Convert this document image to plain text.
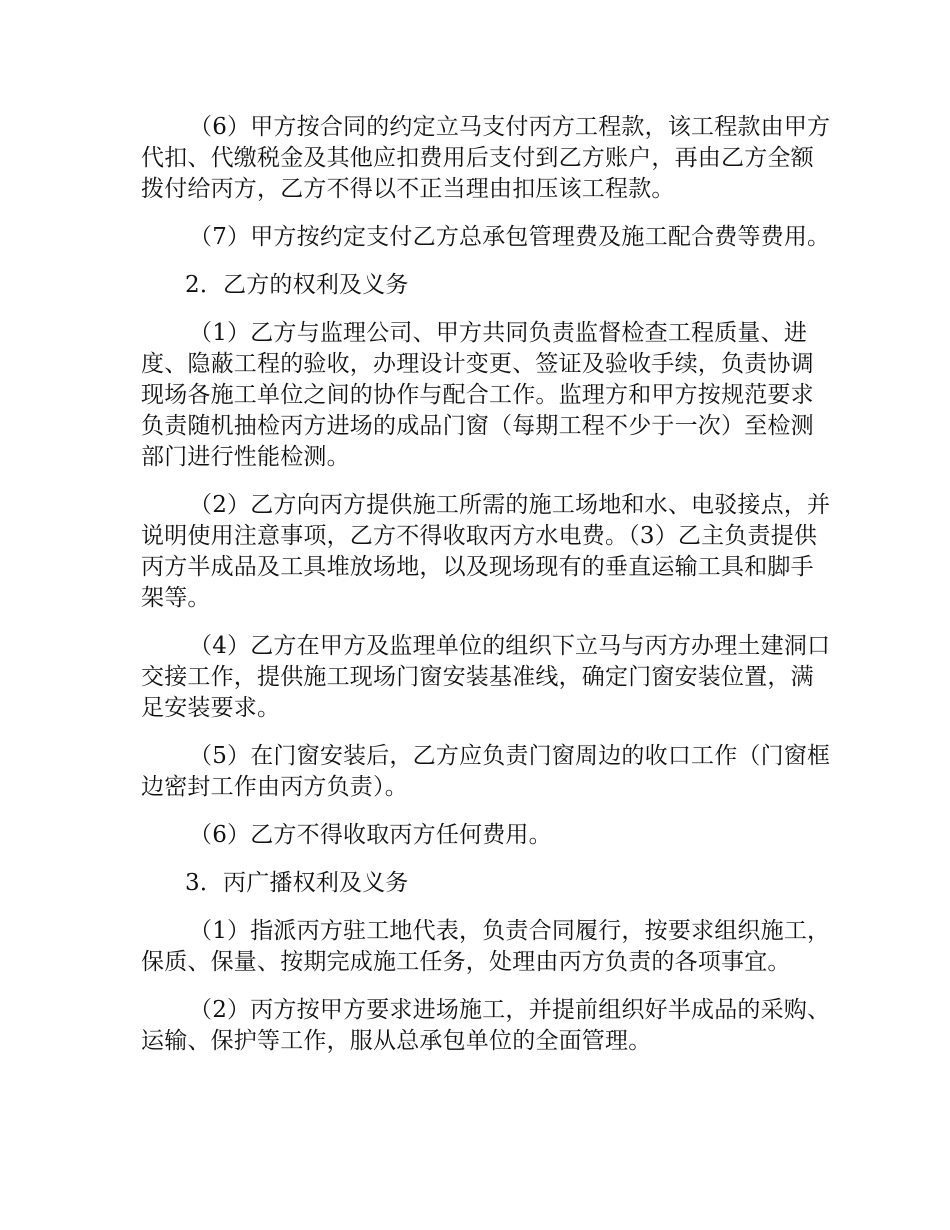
（6）甲方按合同的约定立马支付丙方工程款，该工程款由甲方代扣、代缴税金及其他应扣费用后支付到乙方账户，再由乙方全额拨付给丙方，乙方不得以不正当理由扣压该工程款。

（7）甲方按约定支付乙方总承包管理费及施工配合费等费用。

2．乙方的权利及义务

（1）乙方与监理公司、甲方共同负责监督检查工程质量、进度、隐蔽工程的验收，办理设计变更、签证及验收手续，负责协调现场各施工单位之间的协作与配合工作。监理方和甲方按规范要求负责随机抽检丙方进场的成品门窗（每期工程不少于一次）至检测部门进行性能检测。

（2）乙方向丙方提供施工所需的施工场地和水、电驳接点，并说明使用注意事项，乙方不得收取丙方水电费。（3）乙主负责提供丙方半成品及工具堆放场地，以及现场现有的垂直运输工具和脚手架等。

（4）乙方在甲方及监理单位的组织下立马与丙方办理土建洞口交接工作，提供施工现场门窗安装基准线，确定门窗安装位置，满足安装要求。

（5）在门窗安装后，乙方应负责门窗周边的收口工作（门窗框边密封工作由丙方负责）。

（6）乙方不得收取丙方任何费用。

3．丙广播权利及义务

（1）指派丙方驻工地代表，负责合同履行，按要求组织施工，保质、保量、按期完成施工任务，处理由丙方负责的各项事宜。

（2）丙方按甲方要求进场施工，并提前组织好半成品的采购、运输、保护等工作，服从总承包单位的全面管理。
